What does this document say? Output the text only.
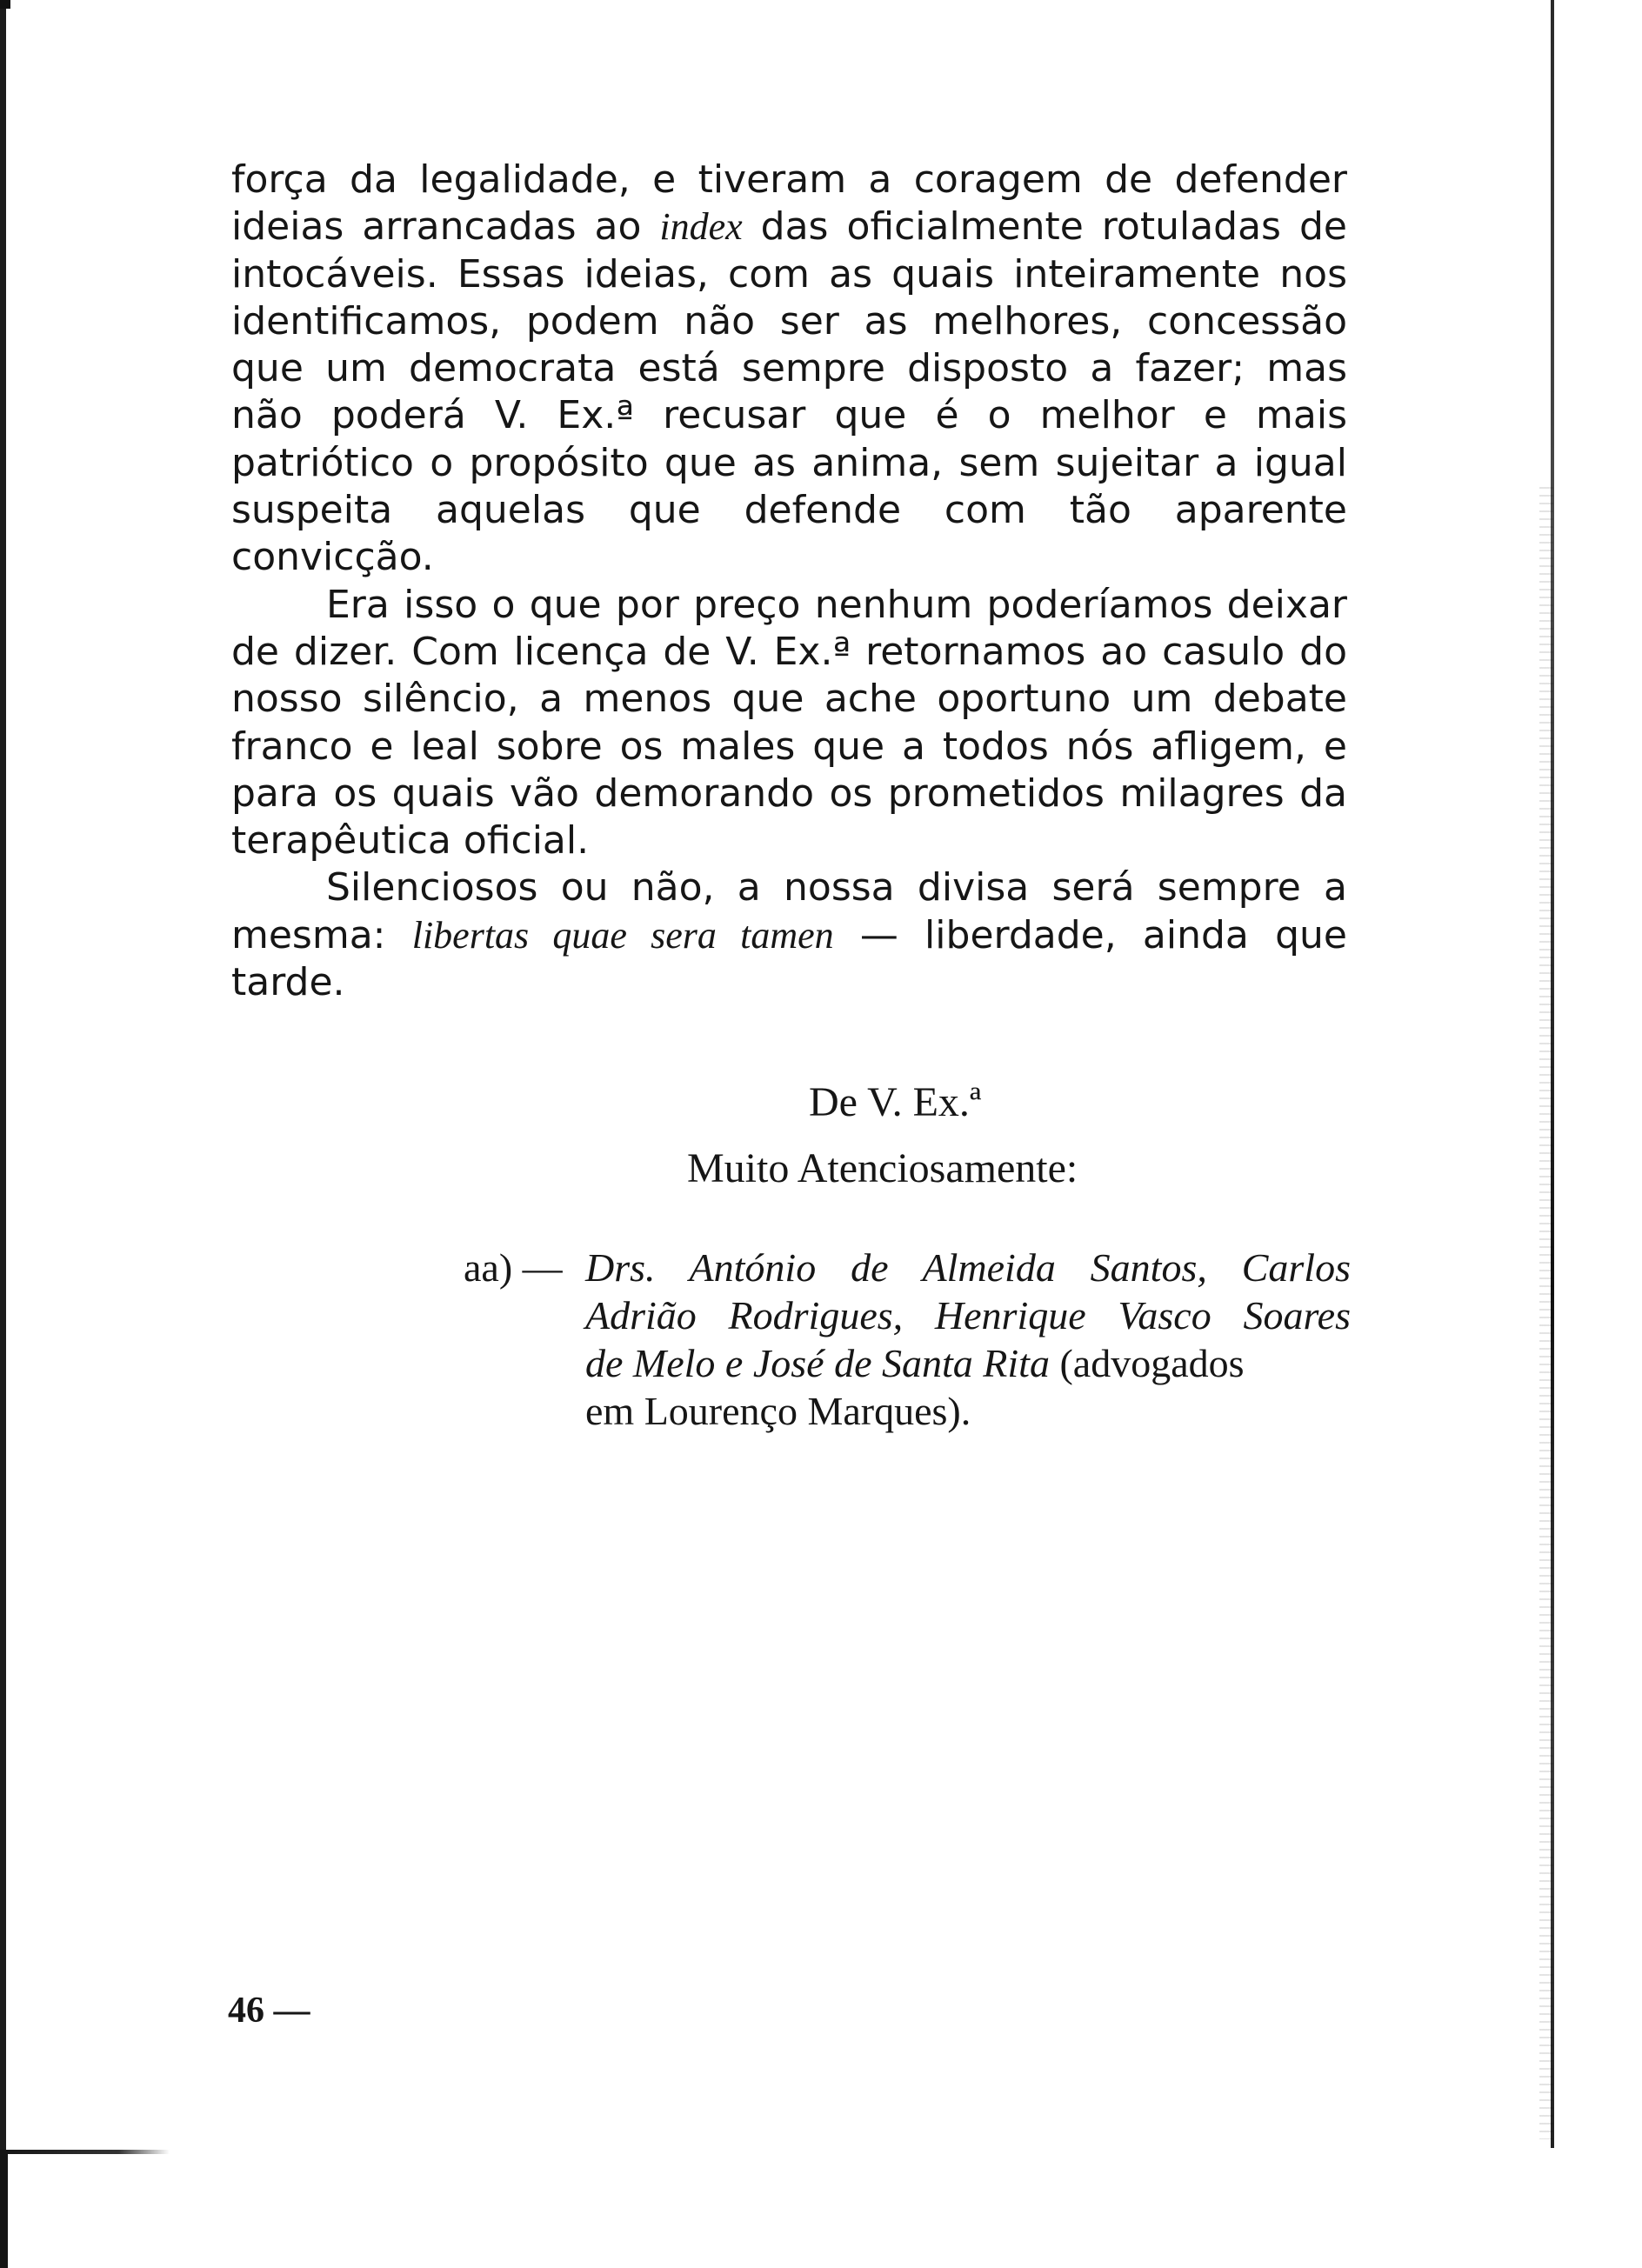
força da legalidade, e tiveram a coragem de defender ideias arrancadas ao index das oficialmente rotuladas de intocáveis. Essas ideias, com as quais inteiramente nos identificamos, podem não ser as melhores, concessão que um democrata está sempre disposto a fazer; mas não poderá V. Ex.ª recusar que é o melhor e mais patriótico o propósito que as anima, sem sujeitar a igual suspeita aquelas que defende com tão aparente convicção.

Era isso o que por preço nenhum poderíamos deixar de dizer. Com licença de V. Ex.ª retornamos ao casulo do nosso silêncio, a menos que ache oportuno um debate franco e leal sobre os males que a todos nós afligem, e para os quais vão demorando os prometidos milagres da terapêutica oficial.

Silenciosos ou não, a nossa divisa será sempre a mesma: libertas quae sera tamen — liberdade, ainda que tarde.

De V. Ex.ª
Muito Atenciosamente:
aa) — Drs. António de Almeida Santos, Carlos
Adrião Rodrigues, Henrique Vasco Soares
de Melo e José de Santa Rita (advogados
em Lourenço Marques).
46 —
